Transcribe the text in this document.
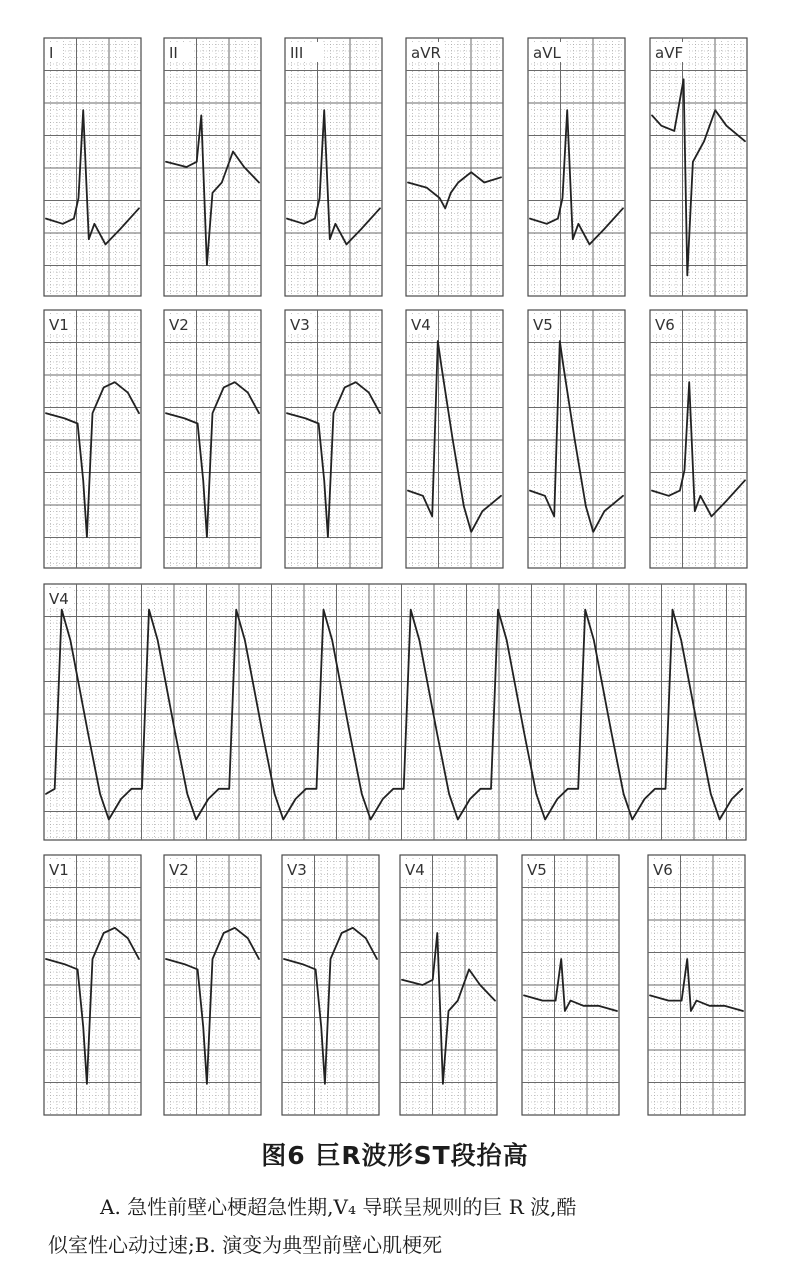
I	II	III	aVR	aVL	aVF
V1	V2	V3	V4	V5	V6
V4
V1	V2	V3	V4	V5	V6
图6 巨R波形ST段抬高
A. 急性前壁心梗超急性期,V₄ 导联呈规则的巨 R 波,酷
似室性心动过速;B. 演变为典型前壁心肌梗死
